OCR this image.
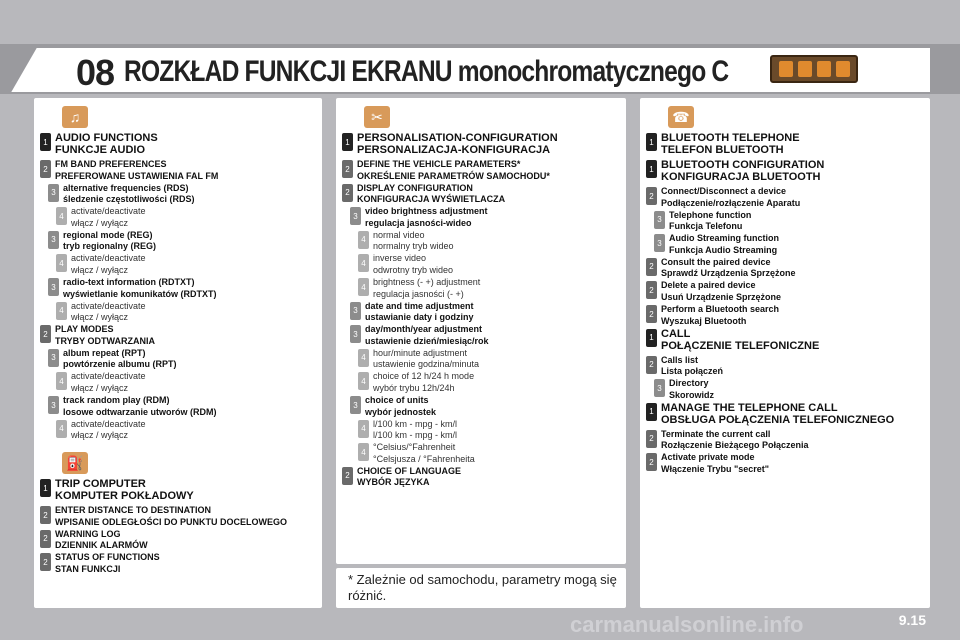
08 ROZKŁAD FUNKCJI EKRANU monochromatycznego C
♫
1 AUDIO FUNCTIONS
FUNKCJE AUDIO
2 FM BAND PREFERENCES
PREFEROWANE USTAWIENIA FAL FM
3 alternative frequencies (RDS)
śledzenie częstotliwości (RDS)
4 activate/deactivate
włącz / wyłącz
3 regional mode (REG)
tryb regionalny (REG)
4 activate/deactivate
włącz / wyłącz
3 radio-text information (RDTXT)
wyświetlanie komunikatów (RDTXT)
4 activate/deactivate
włącz / wyłącz
2 PLAY MODES
TRYBY ODTWARZANIA
3 album repeat (RPT)
powtórzenie albumu (RPT)
4 activate/deactivate
włącz / wyłącz
3 track random play (RDM)
losowe odtwarzanie utworów (RDM)
4 activate/deactivate
włącz / wyłącz
⛽
1 TRIP COMPUTER
KOMPUTER POKŁADOWY
2 ENTER DISTANCE TO DESTINATION
WPISANIE ODLEGŁOŚCI DO PUNKTU DOCELOWEGO
2 WARNING LOG
DZIENNIK ALARMÓW
2 STATUS OF FUNCTIONS
STAN FUNKCJI
✂
1 PERSONALISATION-CONFIGURATION
PERSONALIZACJA-KONFIGURACJA
2 DEFINE THE VEHICLE PARAMETERS*
OKREŚLENIE PARAMETRÓW SAMOCHODU*
2 DISPLAY CONFIGURATION
KONFIGURACJA WYŚWIETLACZA
3 video brightness adjustment
regulacja jasności-wideo
4 normal video
normalny tryb wideo
4 inverse video
odwrotny tryb wideo
4 brightness (- +) adjustment
regulacja jasności (- +)
3 date and time adjustment
ustawianie daty i godziny
3 day/month/year adjustment
ustawienie dzień/miesiąc/rok
4 hour/minute adjustment
ustawienie godzina/minuta
4 choice of 12 h/24 h mode
wybór trybu 12h/24h
3 choice of units
wybór jednostek
4 l/100 km - mpg - km/l
l/100 km - mpg - km/l
4 °Celsius/°Fahrenheit
°Celsjusza / °Fahrenheita
2 CHOICE OF LANGUAGE
WYBÓR JĘZYKA
☎
1 BLUETOOTH TELEPHONE
TELEFON BLUETOOTH
1 BLUETOOTH CONFIGURATION
KONFIGURACJA BLUETOOTH
2 Connect/Disconnect a device
Podłączenie/rozłączenie Aparatu
3 Telephone function
Funkcja Telefonu
3 Audio Streaming function
Funkcja Audio Streaming
2 Consult the paired device
Sprawdź Urządzenia Sprzężone
2 Delete a paired device
Usuń Urządzenie Sprzężone
2 Perform a Bluetooth search
Wyszukaj Bluetooth
1 CALL
POŁĄCZENIE TELEFONICZNE
2 Calls list
Lista połączeń
3 Directory
Skorowidz
1 MANAGE THE TELEPHONE CALL
OBSŁUGA POŁĄCZENIA TELEFONICZNEGO
2 Terminate the current call
Rozłączenie Bieżącego Połączenia
2 Activate private mode
Włączenie Trybu "secret"
* Zależnie od samochodu, parametry mogą się różnić.
carmanualsonline.info	9.15
